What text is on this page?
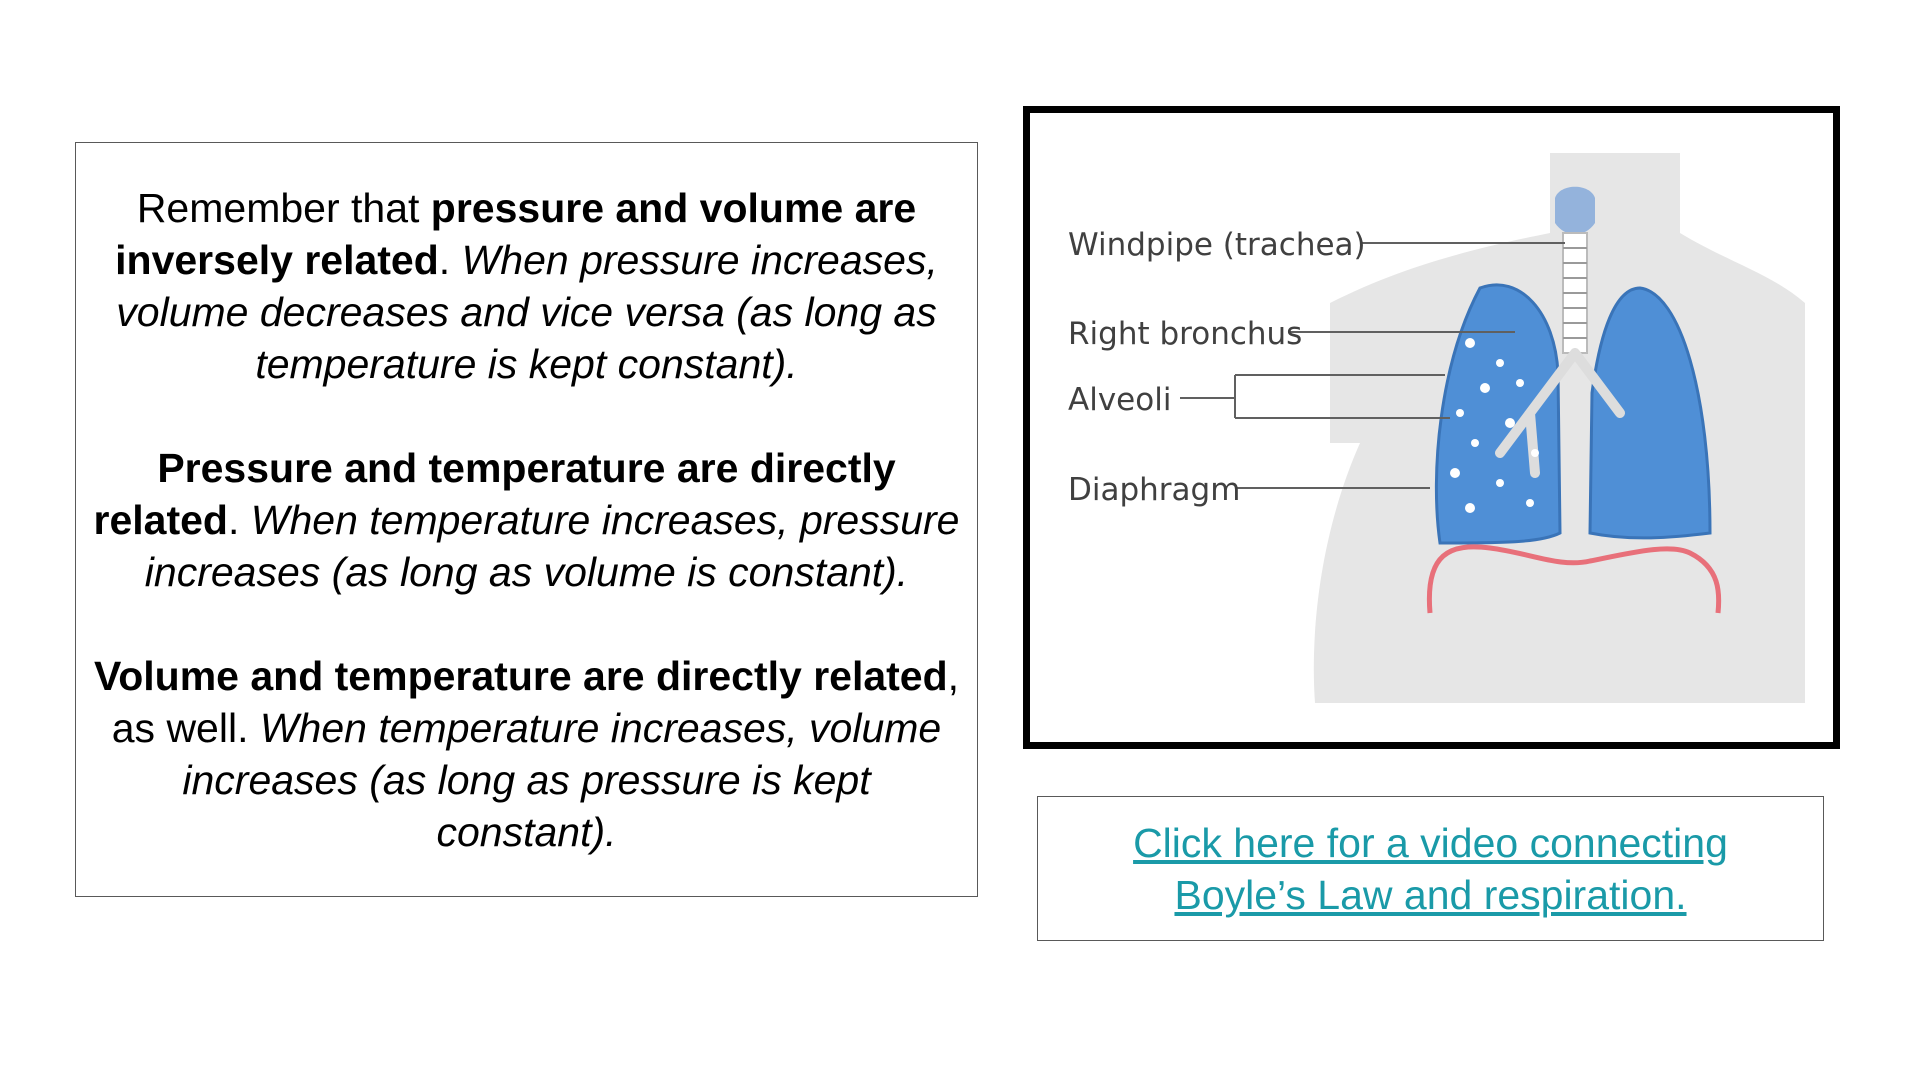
Remember that pressure and volume are inversely related. When pressure increases, volume decreases and vice versa (as long as temperature is kept constant).

Pressure and temperature are directly related. When temperature increases, pressure increases (as long as volume is constant).

Volume and temperature are directly related, as well. When temperature increases, volume increases (as long as pressure is kept constant).

Windpipe (trachea)
Right bronchus
Alveoli
Diaphragm
Click here for a video connecting
Boyle’s Law and respiration.
